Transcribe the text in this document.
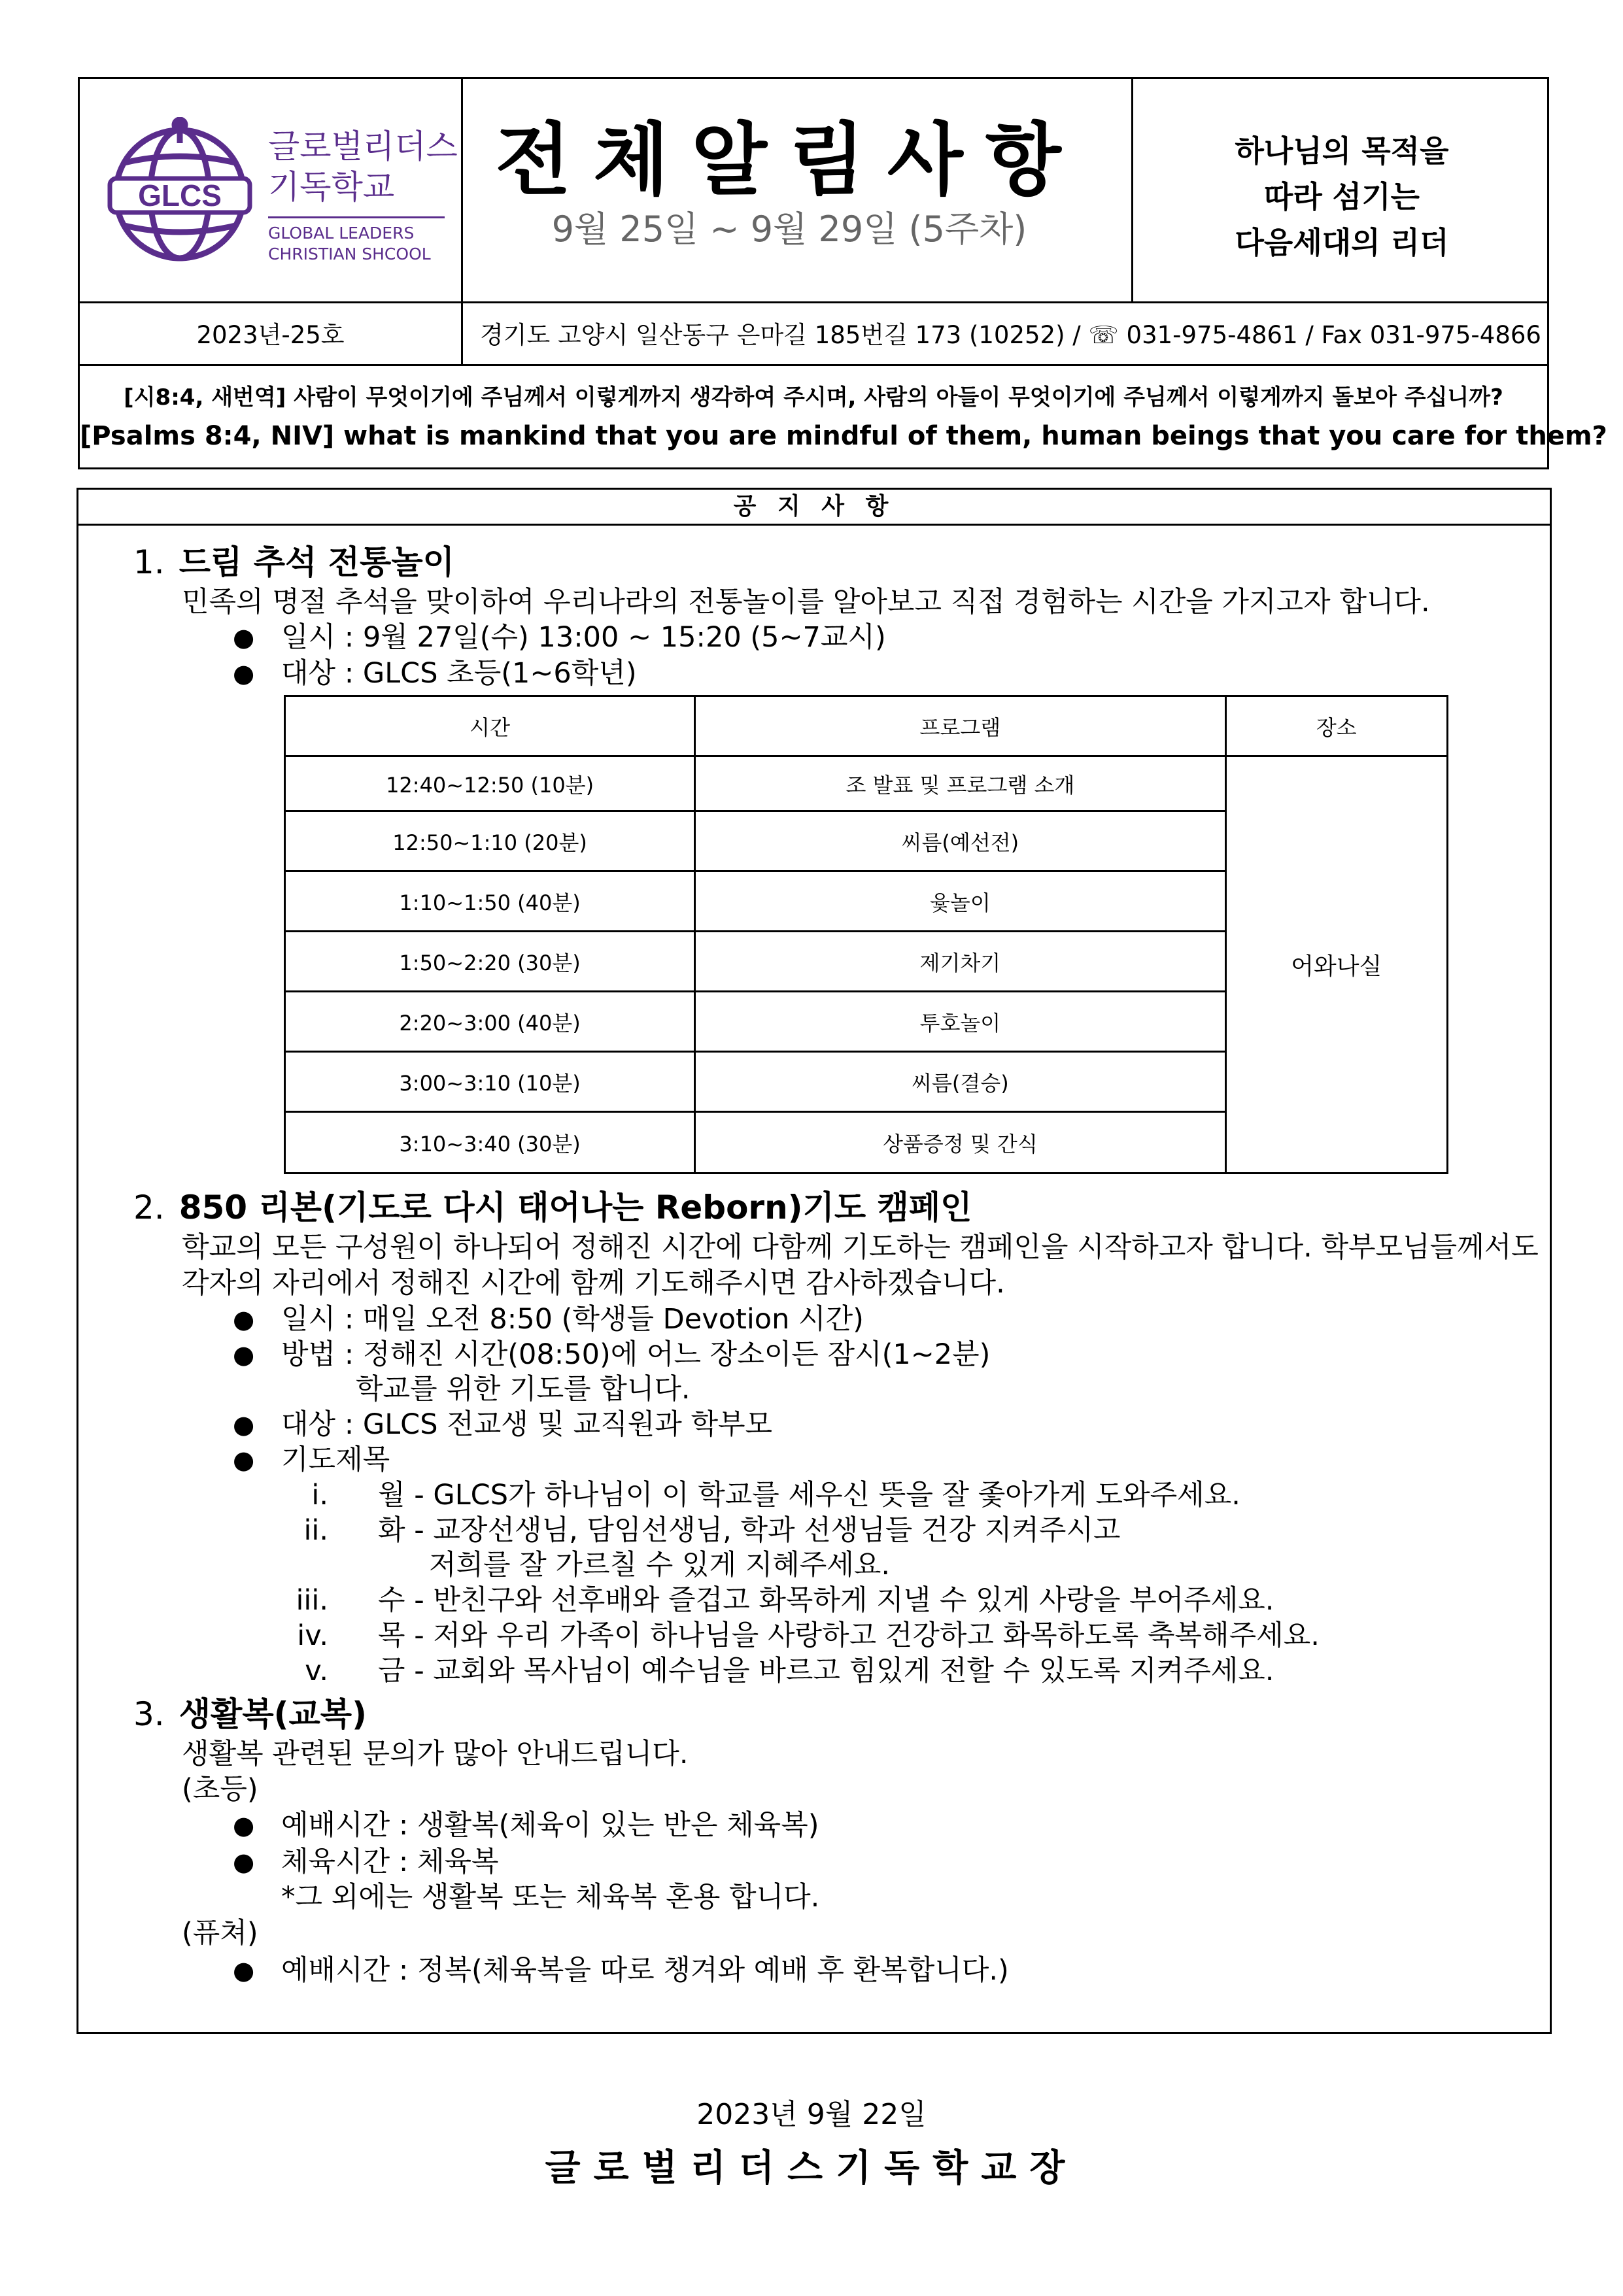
GLCS
글로벌리더스
기독학교
GLOBAL LEADERS
CHRISTIAN SHCOOL
전체알림사항
9월 25일 ~ 9월 29일 (5주차)
하나님의 목적을
따라 섬기는
다음세대의 리더
2023년-25호	경기도 고양시 일산동구 은마길 185번길 173 (10252) / ☏ 031-975-4861 / Fax 031-975-4866
[시8:4, 새번역] 사람이 무엇이기에 주님께서 이렇게까지 생각하여 주시며, 사람의 아들이 무엇이기에 주님께서 이렇게까지 돌보아 주십니까?
[Psalms 8:4, NIV] what is mankind that you are mindful of them, human beings that you care for them?
공 지 사 항
1. 드림 추석 전통놀이
민족의 명절 추석을 맞이하여 우리나라의 전통놀이를 알아보고 직접 경험하는 시간을 가지고자 합니다.
● 일시 : 9월 27일(수) 13:00 ~ 15:20 (5~7교시)
● 대상 : GLCS 초등(1~6학년)
시간	프로그램	장소
12:40~12:50 (10분)	조 발표 및 프로그램 소개	어와나실
12:50~1:10 (20분)	씨름(예선전)	
1:10~1:50 (40분)	윷놀이	
1:50~2:20 (30분)	제기차기	
2:20~3:00 (40분)	투호놀이	
3:00~3:10 (10분)	씨름(결승)	
3:10~3:40 (30분)	상품증정 및 간식	
2. 850 리본(기도로 다시 태어나는 Reborn)기도 캠페인
학교의 모든 구성원이 하나되어 정해진 시간에 다함께 기도하는 캠페인을 시작하고자 합니다. 학부모님들께서도
각자의 자리에서 정해진 시간에 함께 기도해주시면 감사하겠습니다.
● 일시 : 매일 오전 8:50 (학생들 Devotion 시간)
● 방법 : 정해진 시간(08:50)에 어느 장소이든 잠시(1~2분)
학교를 위한 기도를 합니다.
● 대상 : GLCS 전교생 및 교직원과 학부모
● 기도제목
i. 월 - GLCS가 하나님이 이 학교를 세우신 뜻을 잘 좇아가게 도와주세요.
ii. 화 - 교장선생님, 담임선생님, 학과 선생님들 건강 지켜주시고
저희를 잘 가르칠 수 있게 지혜주세요.
iii. 수 - 반친구와 선후배와 즐겁고 화목하게 지낼 수 있게 사랑을 부어주세요.
iv. 목 - 저와 우리 가족이 하나님을 사랑하고 건강하고 화목하도록 축복해주세요.
v. 금 - 교회와 목사님이 예수님을 바르고 힘있게 전할 수 있도록 지켜주세요.
3. 생활복(교복)
생활복 관련된 문의가 많아 안내드립니다.
(초등)
● 예배시간 : 생활복(체육이 있는 반은 체육복)
● 체육시간 : 체육복
*그 외에는 생활복 또는 체육복 혼용 합니다.
(퓨쳐)
● 예배시간 : 정복(체육복을 따로 챙겨와 예배 후 환복합니다.)
2023년 9월 22일
글로벌리더스기독학교장
